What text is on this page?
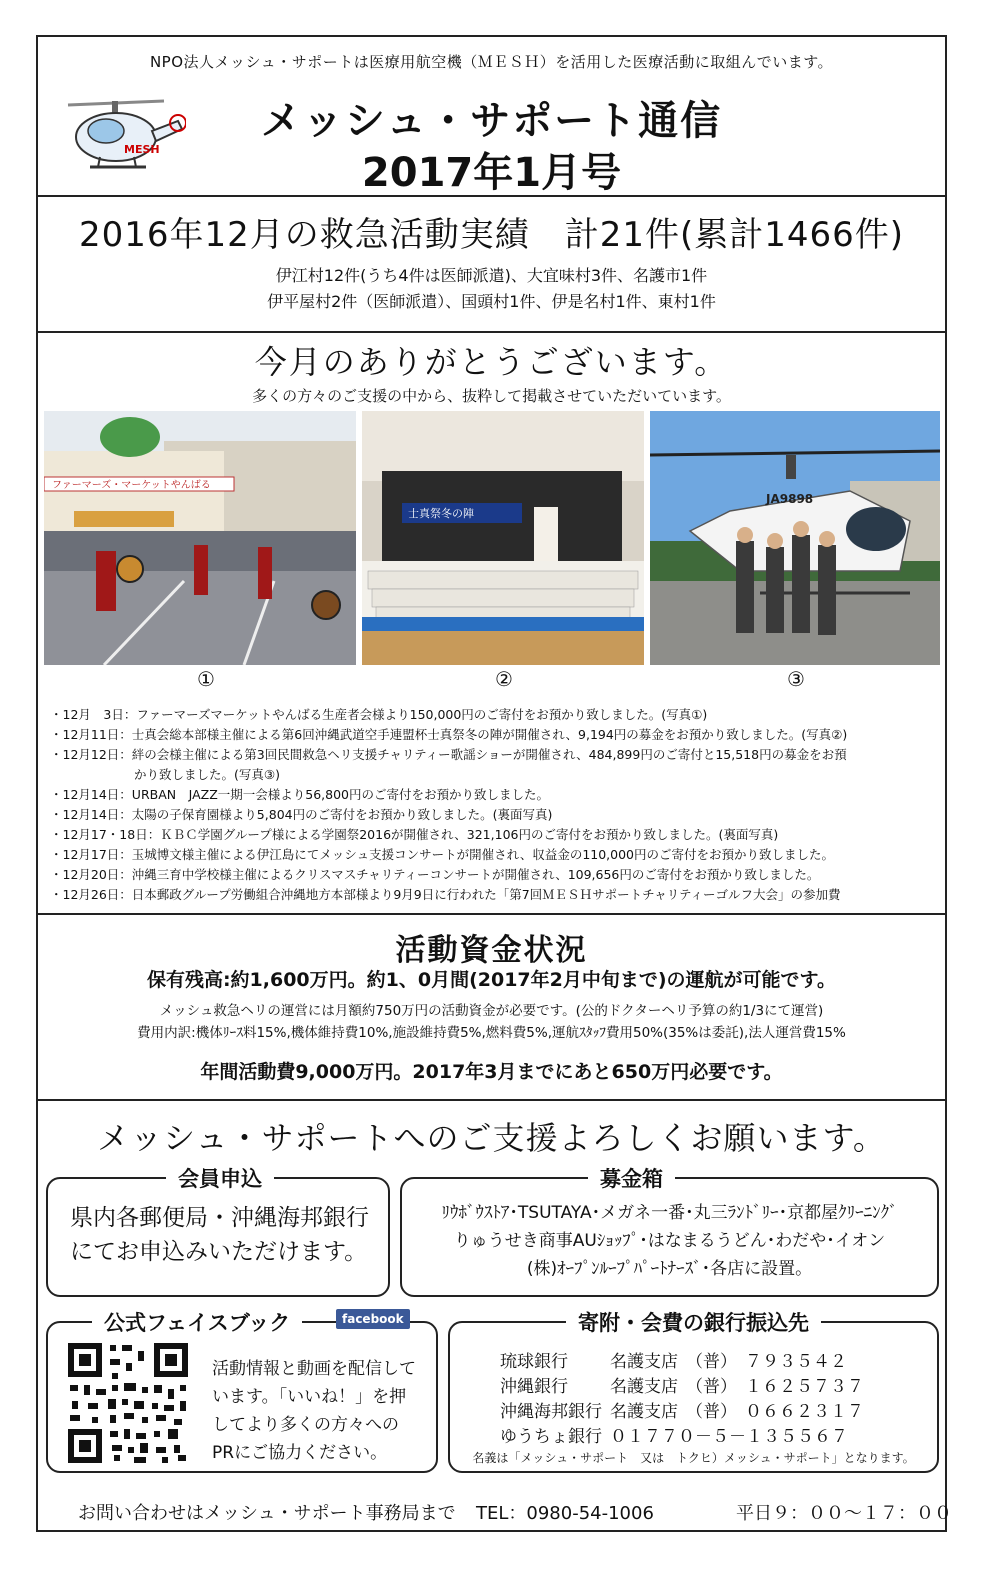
NPO法人メッシュ・サポートは医療用航空機（ＭＥＳＨ）を活用した医療活動に取組んでいます。
MESH
メッシュ・サポート通信
2017年1月号
2016年12月の救急活動実績　計21件(累計1466件)
伊江村12件(うち4件は医師派遣)、大宜味村3件、名護市1件
伊平屋村2件（医師派遣）、国頭村1件、伊是名村1件、東村1件
今月のありがとうございます。
多くの方々のご支援の中から、抜粋して掲載させていただいています。
ファーマーズ・マーケットやんばる
士真祭冬の陣
JA9898
①	②	③
・12月　3日：ファーマーズマーケットやんばる生産者会様より150,000円のご寄付をお預かり致しました。(写真①)
・12月11日：士真会総本部様主催による第6回沖縄武道空手連盟杯士真祭冬の陣が開催され、9,194円の募金をお預かり致しました。(写真②)
・12月12日：絆の会様主催による第3回民間救急ヘリ支援チャリティー歌謡ショーが開催され、484,899円のご寄付と15,518円の募金をお預
かり致しました。(写真③)
・12月14日：URBAN　JAZZ一期一会様より56,800円のご寄付をお預かり致しました。
・12月14日：太陽の子保育園様より5,804円のご寄付をお預かり致しました。(裏面写真)
・12月17・18日：ＫＢＣ学園グループ様による学園祭2016が開催され、321,106円のご寄付をお預かり致しました。(裏面写真)
・12月17日：玉城博文様主催による伊江島にてメッシュ支援コンサートが開催され、収益金の110,000円のご寄付をお預かり致しました。
・12月20日：沖縄三育中学校様主催によるクリスマスチャリティーコンサートが開催され、109,656円のご寄付をお預かり致しました。
・12月26日：日本郵政グループ労働組合沖縄地方本部様より9月9日に行われた「第7回ＭＥＳＨサポートチャリティーゴルフ大会」の参加費
活動資金状況
保有残高:約1,600万円。約1、0月間(2017年2月中旬まで)の運航が可能です。
メッシュ救急ヘリの運営には月額約750万円の活動資金が必要です。(公的ドクターヘリ予算の約1/3にて運営)
費用内訳:機体ﾘｰｽ料15%,機体維持費10%,施設維持費5%,燃料費5%,運航ｽﾀｯﾌ費用50%(35%は委託),法人運営費15%
年間活動費9,000万円。2017年3月までにあと650万円必要です。
メッシュ・サポートへのご支援よろしくお願います。
会員申込
県内各郵便局・沖縄海邦銀行
にてお申込みいただけます。
募金箱
ﾘｳﾎﾞｳｽﾄｱ･TSUTAYA･メガネ一番･丸三ﾗﾝﾄﾞﾘｰ･京都屋ｸﾘｰﾆﾝｸﾞ
りゅうせき商事AUｼｮｯﾌﾟ･はなまるうどん･わだや･イオン
(株)ｵｰﾌﾟﾝﾙｰﾌﾟﾊﾟｰﾄﾅｰｽﾞ･各店に設置。
公式フェイスブック	facebook
活動情報と動画を配信して
います。「いいね！」を押
してより多くの方々への
PRにご協力ください。
寄附・会費の銀行振込先
琉球銀行	名護支店	（普）	７９３５４２
沖縄銀行	名護支店	（普）	１６２５７３７
沖縄海邦銀行	名護支店	（普）	０６６２３１７
ゆうちょ銀行	０１７７０－５－１３５５６７		
名義は「メッシュ・サポート　又は　トクヒ）メッシュ・サポート」となります。
お問い合わせはメッシュ・サポート事務局まで TEL：0980-54-1006	平日９：００～１７：００
